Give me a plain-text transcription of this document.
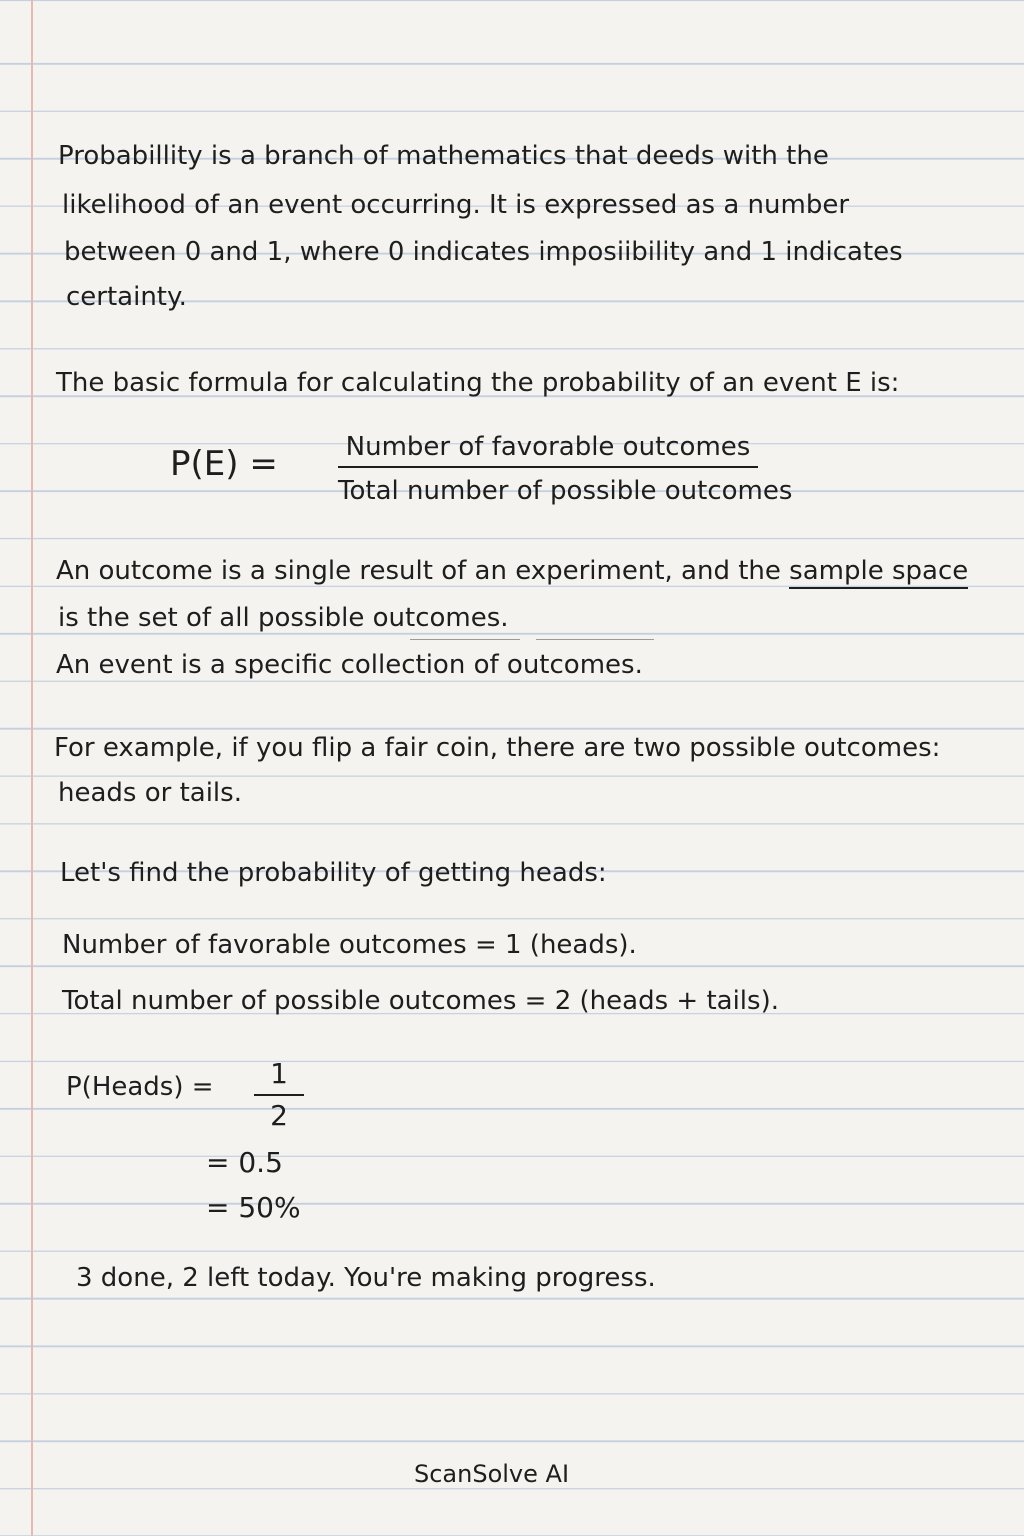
Probabillity is a branch of mathematics that deeds with the
likelihood of an event occurring. It is expressed as a number
between 0 and 1, where 0 indicates imposiibility and 1 indicates
certainty.
The basic formula for calculating the probability of an event E is:
P(E) =	Number of favorable outcomes
Total number of possible outcomes
An outcome is a single result of an experiment, and the sample space
is the set of all possible outcomes.
An event is a specific collection of outcomes.
For example, if you flip a fair coin, there are two possible outcomes:
heads or tails.
Let's find the probability of getting heads:
Number of favorable outcomes = 1 (heads).
Total number of possible outcomes = 2 (heads + tails).
P(Heads) =	1
2
= 0.5
= 50%
3 done, 2 left today. You're making progress.
ScanSolve AI
